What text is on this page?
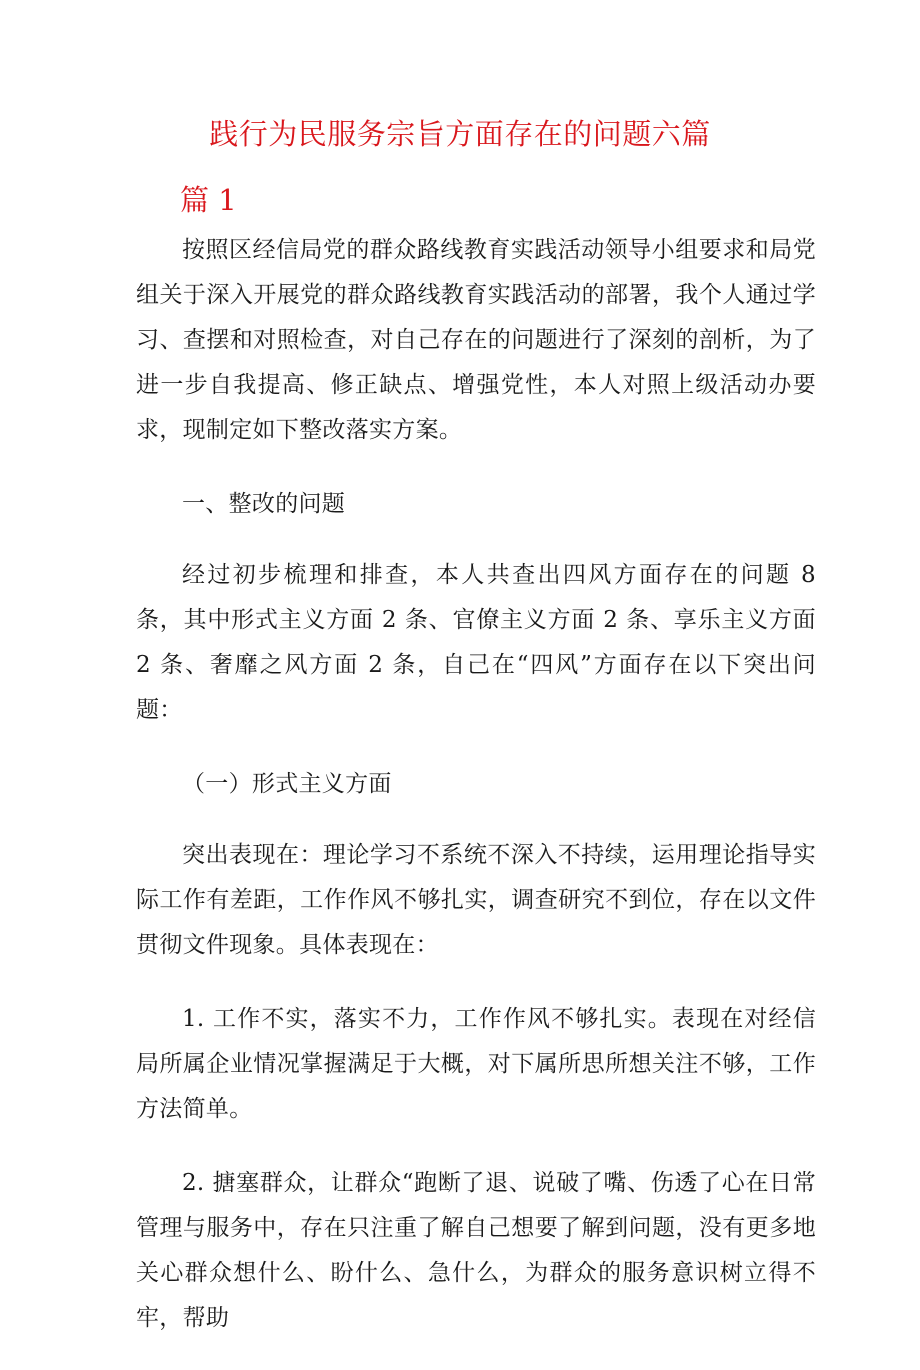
践行为民服务宗旨方面存在的问题六篇
篇 1

按照区经信局党的群众路线教育实践活动领导小组要求和局党组关于深入开展党的群众路线教育实践活动的部署，我个人通过学习、查摆和对照检查，对自己存在的问题进行了深刻的剖析，为了进一步自我提高、修正缺点、增强党性，本人对照上级活动办要求，现制定如下整改落实方案。

一、整改的问题

经过初步梳理和排查，本人共查出四风方面存在的问题 8 条，其中形式主义方面 2 条、官僚主义方面 2 条、享乐主义方面 2 条、奢靡之风方面 2 条，自己在“四风”方面存在以下突出问题：

（一）形式主义方面

突出表现在：理论学习不系统不深入不持续，运用理论指导实际工作有差距，工作作风不够扎实，调查研究不到位，存在以文件贯彻文件现象。具体表现在：

1. 工作不实，落实不力，工作作风不够扎实。表现在对经信局所属企业情况掌握满足于大概，对下属所思所想关注不够，工作方法简单。

2. 搪塞群众，让群众“跑断了退、说破了嘴、伤透了心在日常管理与服务中，存在只注重了解自己想要了解到问题，没有更多地关心群众想什么、盼什么、急什么，为群众的服务意识树立得不牢，帮助
